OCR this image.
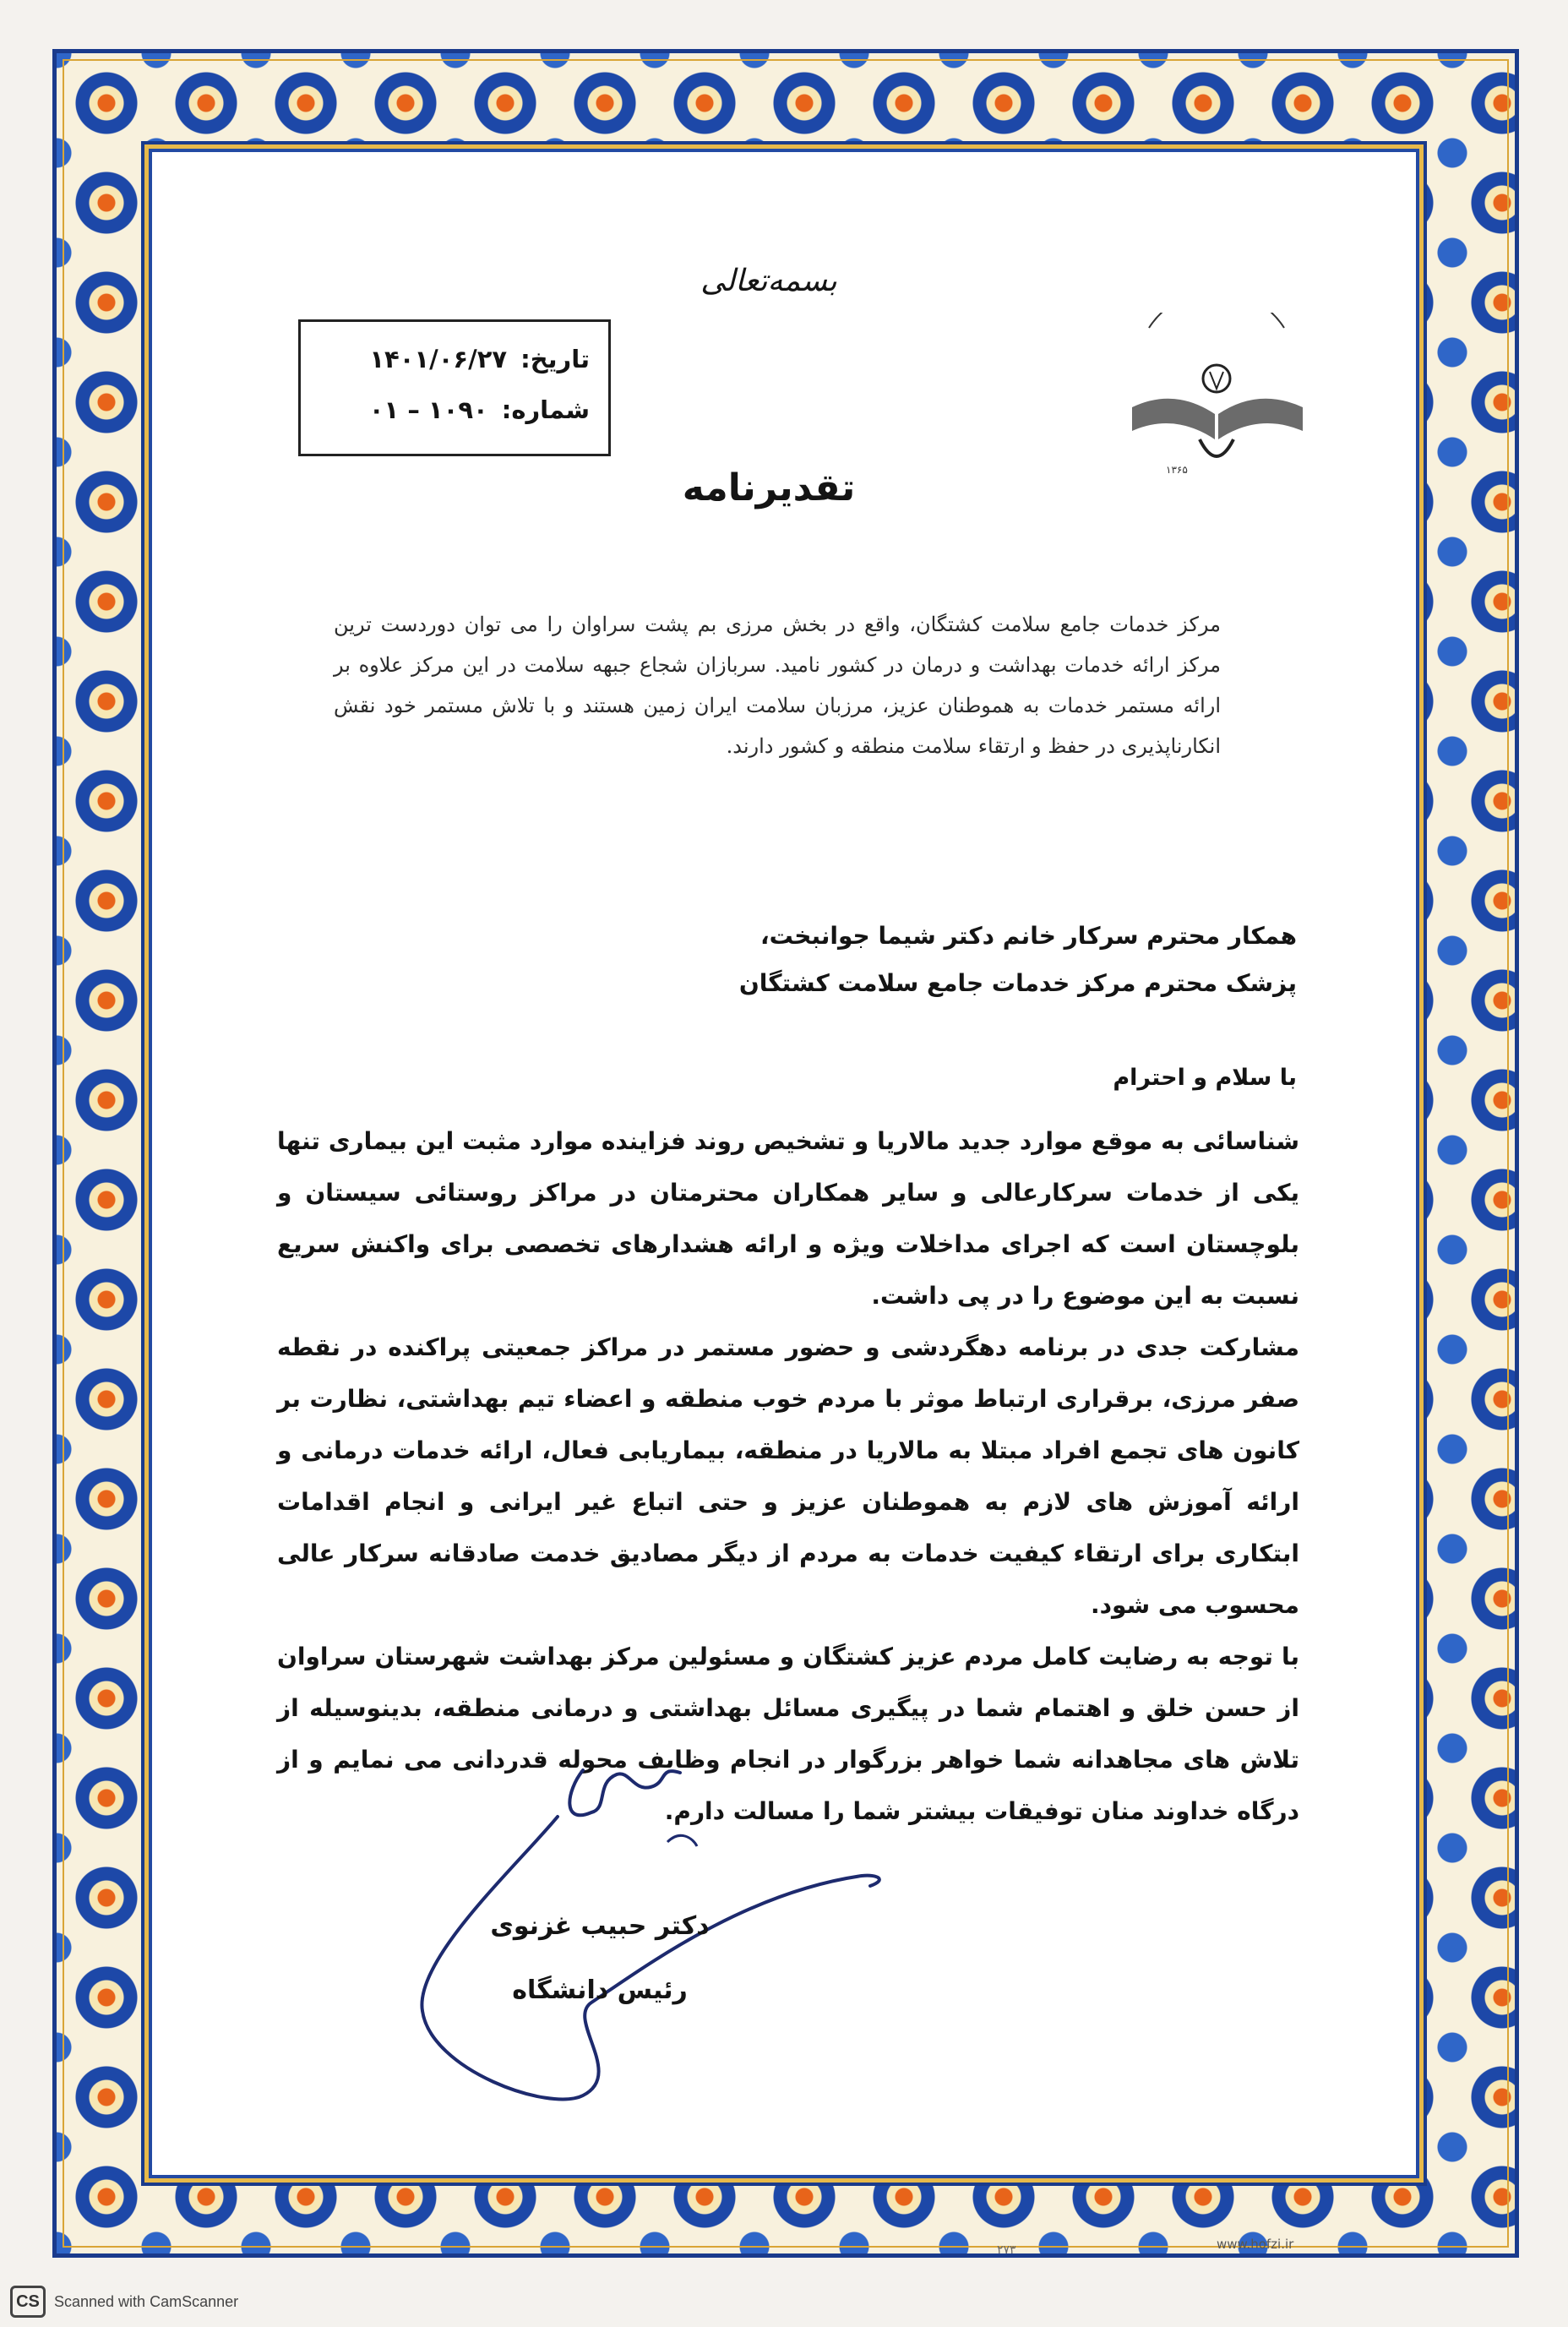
بسمه‌تعالی
۱۳۶۵
تاریخ:
۱۴۰۱/۰۶/۲۷
شماره:
۱۰۹۰ – ۰۱
تقدیرنامه
مرکز خدمات جامع سلامت کشتگان، واقع در بخش مرزی بم پشت سراوان را می توان دوردست ترین مرکز ارائه خدمات بهداشت و درمان در کشور نامید. سربازان شجاع جبهه سلامت در این مرکز علاوه بر ارائه مستمر خدمات به هموطنان عزیز، مرزبان سلامت ایران زمین هستند و با تلاش مستمر خود نقش انکارناپذیری در حفظ و ارتقاء سلامت منطقه و کشور دارند.
همکار محترم سرکار خانم دکتر شیما جوانبخت،
پزشک محترم مرکز خدمات جامع سلامت کشتگان
با سلام و احترام

شناسائی به موقع موارد جدید مالاریا و تشخیص روند فزاینده موارد مثبت این بیماری تنها یکی از خدمات سرکارعالی و سایر همکاران محترمتان در مراکز روستائی سیستان و بلوچستان است که اجرای مداخلات ویژه و ارائه هشدارهای تخصصی برای واکنش سریع نسبت به این موضوع را در پی داشت.

مشارکت جدی در برنامه دهگردشی و حضور مستمر در مراکز جمعیتی پراکنده در نقطه صفر مرزی، برقراری ارتباط موثر با مردم خوب منطقه و اعضاء تیم بهداشتی، نظارت بر کانون های تجمع افراد مبتلا به مالاریا در منطقه، بیماریابی فعال، ارائه خدمات درمانی و ارائه آموزش های لازم به هموطنان عزیز و حتی اتباع غیر ایرانی و انجام اقدامات ابتکاری برای ارتقاء کیفیت خدمات به مردم از دیگر مصادیق خدمت صادقانه سرکار عالی محسوب می شود.

با توجه به رضایت کامل مردم عزیز کشتگان و مسئولین مرکز بهداشت شهرستان سراوان از حسن خلق و اهتمام شما در پیگیری مسائل بهداشتی و درمانی منطقه، بدینوسیله از تلاش های مجاهدانه شما خواهر بزرگوار در انجام وظایف محوله قدردانی می نمایم و از درگاه خداوند منان توفیقات بیشتر شما را مسالت دارم.

دکتر حبیب غزنوی
رئیس دانشگاه
www.hofzi.ir
۲۷۳
CS Scanned with CamScanner
